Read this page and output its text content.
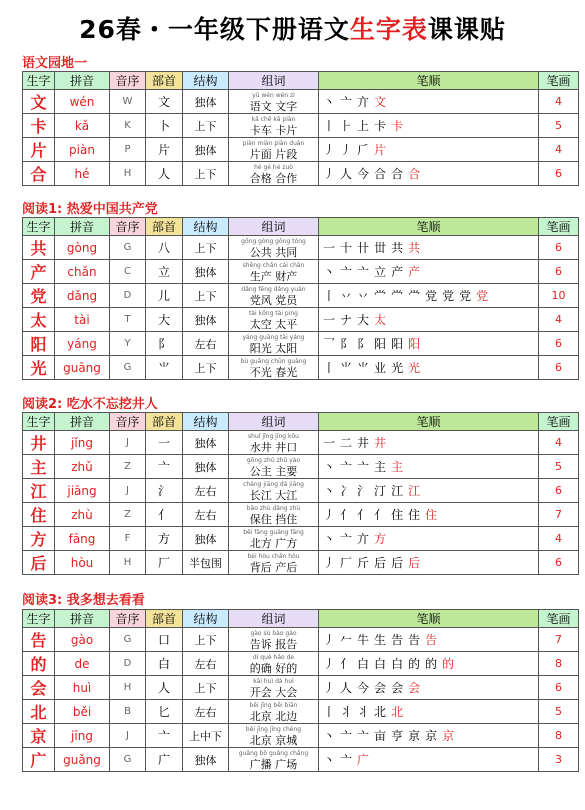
26春・一年级下册语文生字表课课贴
语文园地一
生字	拼音	音序	部首	结构	组词	笔顺	笔画
文	wén	W	文	独体	yǔ wén wén zì
语文 文字	丶亠亣文	4
卡	kǎ	K	卜	上下	kǎ chē kǎ piàn
卡车 卡片	丨⺊上卡卡	5
片	piàn	P	片	独体	piàn miàn piàn duàn
片面 片段	丿丿𠂆片	4
合	hé	H	人	上下	hé gé hé zuò
合格 合作	丿人今合合合	6
阅读1: 热爱中国共产党
生字	拼音	音序	部首	结构	组词	笔顺	笔画
共	gòng	G	八	上下	gōng gòng gōng tóng
公共 共同	一十卄丗共共	6
产	chǎn	C	立	独体	shēng chǎn cái chǎn
生产 财产	丶亠亠立产产	6
党	dǎng	D	儿	上下	dǎng fēng dǎng yuán
党风 党员	丨丷丷龸龸龸党党党党	10
太	tài	T	大	独体	tài kōng tài píng
太空 太平	一ナ大太	4
阳	yáng	Y	阝	左右	yáng guāng tài yáng
阳光 太阳	乛阝阝阳阳阳	6
光	guāng	G	⺌	上下	bù guāng chūn guāng
不光 春光	丨⺌⺌业光光	6
阅读2: 吃水不忘挖井人
生字	拼音	音序	部首	结构	组词	笔顺	笔画
井	jǐng	J	一	独体	shuǐ jǐng jǐng kǒu
水井 井口	一二井井	4
主	zhǔ	Z	亠	独体	gōng zhǔ zhǔ yào
公主 主要	丶亠亠主主	5
江	jiāng	J	氵	左右	cháng jiāng dà jiāng
长江 大江	丶冫氵汀江江	6
住	zhù	Z	亻	左右	bǎo zhù dǎng zhù
保住 挡住	丿亻亻亻住住住	7
方	fāng	F	方	独体	běi fāng guǎng fāng
北方 广方	丶亠亣方	4
后	hòu	H	厂	半包围	bèi hòu chǎn hòu
背后 产后	丿厂斤后后后	6
阅读3: 我多想去看看
生字	拼音	音序	部首	结构	组词	笔顺	笔画
告	gào	G	口	上下	gào sù bào gào
告诉 报告	丿𠂉牛生告告告	7
的	de	D	白	左右	dí què hǎo de
的确 好的	丿亻白白白的的的	8
会	huì	H	人	上下	kāi huì dà huì
开会 大会	丿人今会会会	6
北	běi	B	匕	左右	běi jīng běi biān
北京 北边	丨丬丬北北	5
京	jīng	J	亠	上中下	běi jīng jīng chéng
北京 京城	丶亠亠亩亨亰京京	8
广	guǎng	G	广	独体	guǎng bō guǎng chǎng
广播 广场	丶亠广	3
